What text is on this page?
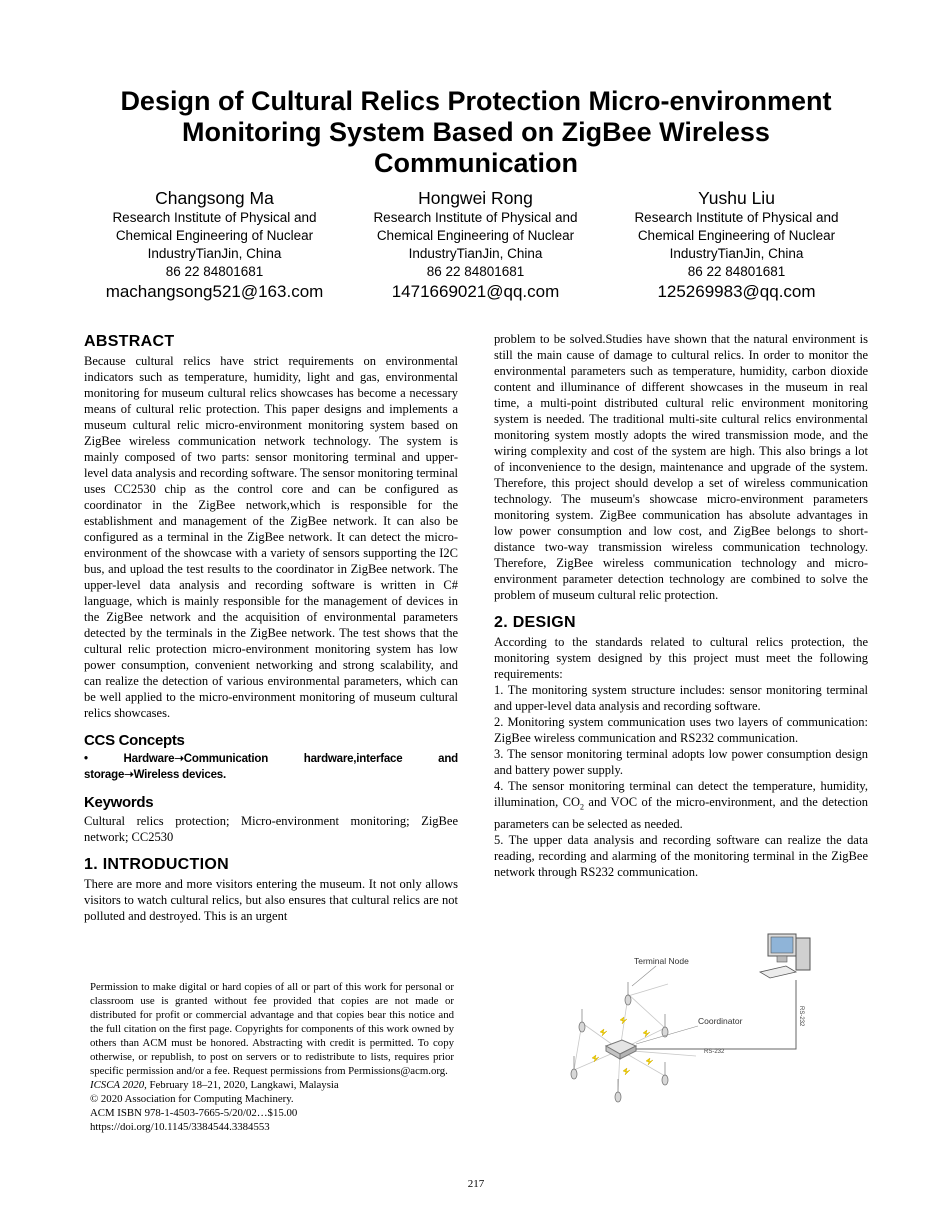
Design of Cultural Relics Protection Micro-environment
Monitoring System Based on ZigBee Wireless
Communication
Changsong Ma
Research Institute of Physical and
Chemical Engineering of Nuclear
IndustryTianJin, China
86 22 84801681
machangsong521@163.com
Hongwei Rong
Research Institute of Physical and
Chemical Engineering of Nuclear
IndustryTianJin, China
86 22 84801681
1471669021@qq.com
Yushu Liu
Research Institute of Physical and
Chemical Engineering of Nuclear
IndustryTianJin, China
86 22 84801681
125269983@qq.com
ABSTRACT

Because cultural relics have strict requirements on environmental indicators such as temperature, humidity, light and gas, environmental monitoring for museum cultural relics showcases has become a necessary means of cultural relic protection. This paper designs and implements a museum cultural relic micro-environment monitoring system based on ZigBee wireless communication network technology. The system is mainly composed of two parts: sensor monitoring terminal and upper-level data analysis and recording software. The sensor monitoring terminal uses CC2530 chip as the control core and can be configured as coordinator in the ZigBee network,which is responsible for the establishment and management of the ZigBee network. It can also be configured as a terminal in the ZigBee network. It can detect the micro-environment of the showcase with a variety of sensors supporting the I2C bus, and upload the test results to the coordinator in ZigBee network. The upper-level data analysis and recording software is written in C# language, which is mainly responsible for the management of devices in the ZigBee network and the acquisition of environmental parameters detected by the terminals in the ZigBee network. The test shows that the cultural relic protection micro-environment monitoring system has low power consumption, convenient networking and strong scalability, and can realize the detection of various environmental parameters, which can be well applied to the micro-environment monitoring of museum cultural relics showcases.

CCS Concepts

• Hardware➝Communication hardware,interface and storage➝Wireless devices.

Keywords

Cultural relics protection; Micro-environment monitoring; ZigBee network; CC2530

1. INTRODUCTION

There are more and more visitors entering the museum. It not only allows visitors to watch cultural relics, but also ensures that cultural relics are not polluted and destroyed. This is an urgent

Permission to make digital or hard copies of all or part of this work for personal or classroom use is granted without fee provided that copies are not made or distributed for profit or commercial advantage and that copies bear this notice and the full citation on the first page. Copyrights for components of this work owned by others than ACM must be honored. Abstracting with credit is permitted. To copy otherwise, or republish, to post on servers or to redistribute to lists, requires prior specific permission and/or a fee. Request permissions from Permissions@acm.org.

ICSCA 2020, February 18–21, 2020, Langkawi, Malaysia

© 2020 Association for Computing Machinery.

ACM ISBN 978-1-4503-7665-5/20/02…$15.00

https://doi.org/10.1145/3384544.3384553

problem to be solved.Studies have shown that the natural environment is still the main cause of damage to cultural relics. In order to monitor the environmental parameters such as temperature, humidity, carbon dioxide content and illuminance of different showcases in the museum in real time, a multi-point distributed cultural relic environment monitoring system is needed. The traditional multi-site cultural relics environmental monitoring system mostly adopts the wired transmission mode, and the wiring complexity and cost of the system are high. This also brings a lot of inconvenience to the design, maintenance and upgrade of the system. Therefore, this project should develop a set of wireless communication technology. The museum's showcase micro-environment parameters monitoring system. ZigBee communication has absolute advantages in low power consumption and low cost, and ZigBee belongs to short-distance two-way transmission wireless communication technology. Therefore, ZigBee wireless communication technology and micro-environment parameter detection technology are combined to solve the problem of museum cultural relic protection.

2. DESIGN

According to the standards related to cultural relics protection, the monitoring system designed by this project must meet the following requirements:

1. The monitoring system structure includes: sensor monitoring terminal and upper-level data analysis and recording software.

2. Monitoring system communication uses two layers of communication: ZigBee wireless communication and RS232 communication.

3. The sensor monitoring terminal adopts low power consumption design and battery power supply.

4. The sensor monitoring terminal can detect the temperature, humidity, illumination, $CO_2$ and VOC of the micro-environment, and the detection parameters can be selected as needed.

5. The upper data analysis and recording software can realize the data reading, recording and alarming of the monitoring terminal in the ZigBee network through RS232 communication.

Terminal Node
Coordinator
RS-232
RS-232
217
